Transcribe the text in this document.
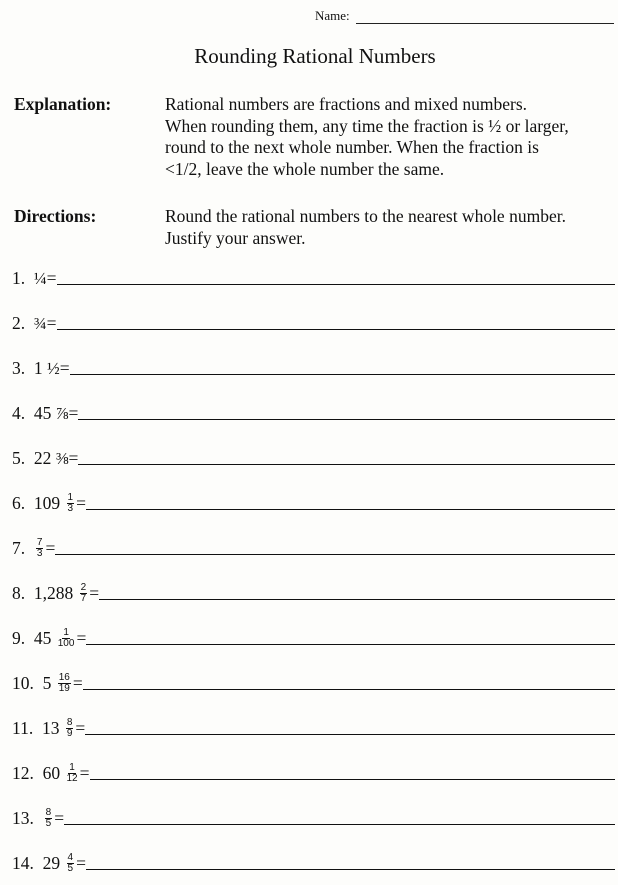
Name:
Rounding Rational Numbers
Explanation:	Rational numbers are fractions and mixed numbers.
When rounding them, any time the fraction is ½ or larger,
round to the next whole number. When the fraction is
<1/2, leave the whole number the same.
Directions:	Round the rational numbers to the nearest whole number.
Justify your answer.
1.
¼ =
2.
¾ =
3.
1
½ =
4.
45
⅞ =
5.
22
⅜ =
6.
109
$\frac{1}{3}$ =
7.
$\frac{7}{3}$ =
8.
1,288
$\frac{2}{7}$ =
9.
45
$\frac{1}{100}$ =
10.
5
$\frac{16}{19}$ =
11.
13
$\frac{8}{9}$ =
12.
60
$\frac{1}{12}$ =
13.
$\frac{8}{5}$ =
14.
29
$\frac{4}{5}$ =
